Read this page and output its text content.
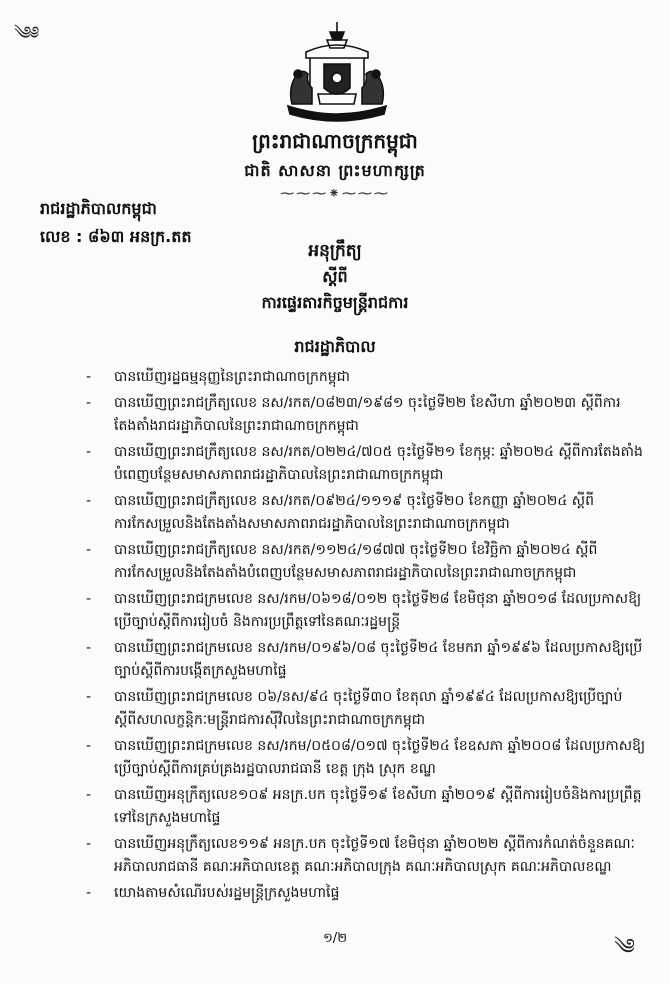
༄༅
ព្រះរាជាណាចក្រកម្ពុជា
ជាតិ សាសនា ព្រះមហាក្សត្រ
⁓⁓⁓⁕⁓⁓⁓
រាជរដ្ឋាភិបាលកម្ពុជា
លេខ : ៨៦៣ អនក្រ.តត
អនុក្រឹត្យ
ស្តីពី
ការផ្ទេរតារកិច្ចមន្ត្រីរាជការ
រាជរដ្ឋាភិបាល
- បានឃើញរដ្ឋធម្មនុញ្ញនៃព្រះរាជាណាចក្រកម្ពុជា
- បានឃើញព្រះរាជក្រឹត្យលេខ នស/រកត/០៨២៣/១៩៨១ ចុះថ្ងៃទី២២ ខែសីហា ឆ្នាំ២០២៣ ស្តីពីការតែងតាំងរាជរដ្ឋាភិបាលនៃព្រះរាជាណាចក្រកម្ពុជា
- បានឃើញព្រះរាជក្រឹត្យលេខ នស/រកត/០២២៤/៧០៥ ចុះថ្ងៃទី២១ ខែកុម្ភៈ ឆ្នាំ២០២៤ ស្តីពីការតែងតាំងបំពេញបន្ថែមសមាសភាពរាជរដ្ឋាភិបាលនៃព្រះរាជាណាចក្រកម្ពុជា
- បានឃើញព្រះរាជក្រឹត្យលេខ នស/រកត/០៩២៤/១១១៩ ចុះថ្ងៃទី២០ ខែកញ្ញា ឆ្នាំ២០២៤ ស្តីពីការកែសម្រួលនិងតែងតាំងសមាសភាពរាជរដ្ឋាភិបាលនៃព្រះរាជាណាចក្រកម្ពុជា
- បានឃើញព្រះរាជក្រឹត្យលេខ នស/រកត/១១២៤/១៨៧៧ ចុះថ្ងៃទី២០ ខែវិច្ឆិកា ឆ្នាំ២០២៤ ស្តីពីការកែសម្រួលនិងតែងតាំងបំពេញបន្ថែមសមាសភាពរាជរដ្ឋាភិបាលនៃព្រះរាជាណាចក្រកម្ពុជា
- បានឃើញព្រះរាជក្រមលេខ នស/រកម/០៦១៨/០១២ ចុះថ្ងៃទី២៨ ខែមិថុនា ឆ្នាំ២០១៨ ដែលប្រកាសឱ្យប្រើច្បាប់ស្តីពីការរៀបចំ និងការប្រព្រឹត្តទៅនៃគណៈរដ្ឋមន្ត្រី
- បានឃើញព្រះរាជក្រមលេខ នស/រកម/០១៩៦/០៨ ចុះថ្ងៃទី២៤ ខែមករា ឆ្នាំ១៩៩៦ ដែលប្រកាសឱ្យប្រើច្បាប់ស្តីពីការបង្កើតក្រសួងមហាផ្ទៃ
- បានឃើញព្រះរាជក្រមលេខ ០៦/នស/៩៤ ចុះថ្ងៃទី៣០ ខែតុលា ឆ្នាំ១៩៩៤ ដែលប្រកាសឱ្យប្រើច្បាប់ស្តីពីសហលក្ខន្តិកៈមន្ត្រីរាជការស៊ីវិលនៃព្រះរាជាណាចក្រកម្ពុជា
- បានឃើញព្រះរាជក្រមលេខ នស/រកម/០៥០៨/០១៧ ចុះថ្ងៃទី២៤ ខែឧសភា ឆ្នាំ២០០៨ ដែលប្រកាសឱ្យប្រើច្បាប់ស្តីពីការគ្រប់គ្រងរដ្ឋបាលរាជធានី ខេត្ត ក្រុង ស្រុក ខណ្ឌ
- បានឃើញអនុក្រឹត្យលេខ១០៩ អនក្រ.បក ចុះថ្ងៃទី១៩ ខែសីហា ឆ្នាំ២០១៩ ស្តីពីការរៀបចំនិងការប្រព្រឹត្តទៅនៃក្រសួងមហាផ្ទៃ
- បានឃើញអនុក្រឹត្យលេខ១១៩ អនក្រ.បក ចុះថ្ងៃទី១៧ ខែមិថុនា ឆ្នាំ២០២២ ស្តីពីការកំណត់ចំនួនគណៈអភិបាលរាជធានី គណៈអភិបាលខេត្ត គណៈអភិបាលក្រុង គណៈអភិបាលស្រុក គណៈអភិបាលខណ្ឌ
- យោងតាមសំណើរបស់រដ្ឋមន្ត្រីក្រសួងមហាផ្ទៃ
១/២	༄
